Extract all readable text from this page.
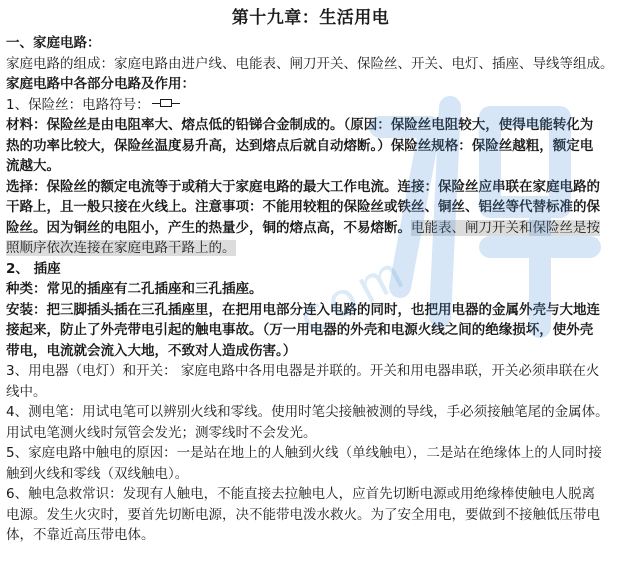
第十九章：生活用电
一、家庭电路：
家庭电路的组成：家庭电路由进户线、电能表、闸刀开关、保险丝、开关、电灯、插座、导线等组成。
家庭电路中各部分电路及作用：
1、保险丝：电路符号：
材料：保险丝是由电阻率大、熔点低的铅锑合金制成的。（原因：保险丝电阻较大，使得电能转化为
热的功率比较大，保险丝温度易升高，达到熔点后就自动熔断。）保险丝规格：保险丝越粗，额定电
流越大。
选择：保险丝的额定电流等于或稍大于家庭电路的最大工作电流。连接：保险丝应串联在家庭电路的
干路上，且一般只接在火线上。注意事项：不能用较粗的保险丝或铁丝、铜丝、铝丝等代替标准的保
险丝。因为铜丝的电阻小，产生的热量少，铜的熔点高，不易熔断。电能表、闸刀开关和保险丝是按
照顺序依次连接在家庭电路干路上的。
2、 插座
种类：常见的插座有二孔插座和三孔插座。
安装：把三脚插头插在三孔插座里，在把用电部分连入电路的同时，也把用电器的金属外壳与大地连
接起来，防止了外壳带电引起的触电事故。（万一用电器的外壳和电源火线之间的绝缘损坏，使外壳
带电，电流就会流入大地，不致对人造成伤害。）
3、用电器（电灯）和开关： 家庭电路中各用电器是并联的。开关和用电器串联，开关必须串联在火
线中。
4、测电笔：用试电笔可以辨别火线和零线。使用时笔尖接触被测的导线，手必须接触笔尾的金属体。
用试电笔测火线时氖管会发光；测零线时不会发光。
5、家庭电路中触电的原因：一是站在地上的人触到火线（单线触电），二是站在绝缘体上的人同时接
触到火线和零线（双线触电）。
6、触电急救常识：发现有人触电，不能直接去拉触电人，应首先切断电源或用绝缘棒使触电人脱离
电源。发生火灾时，要首先切断电源，决不能带电泼水救火。为了安全用电，要做到不接触低压带电
体，不靠近高压带电体。
com
